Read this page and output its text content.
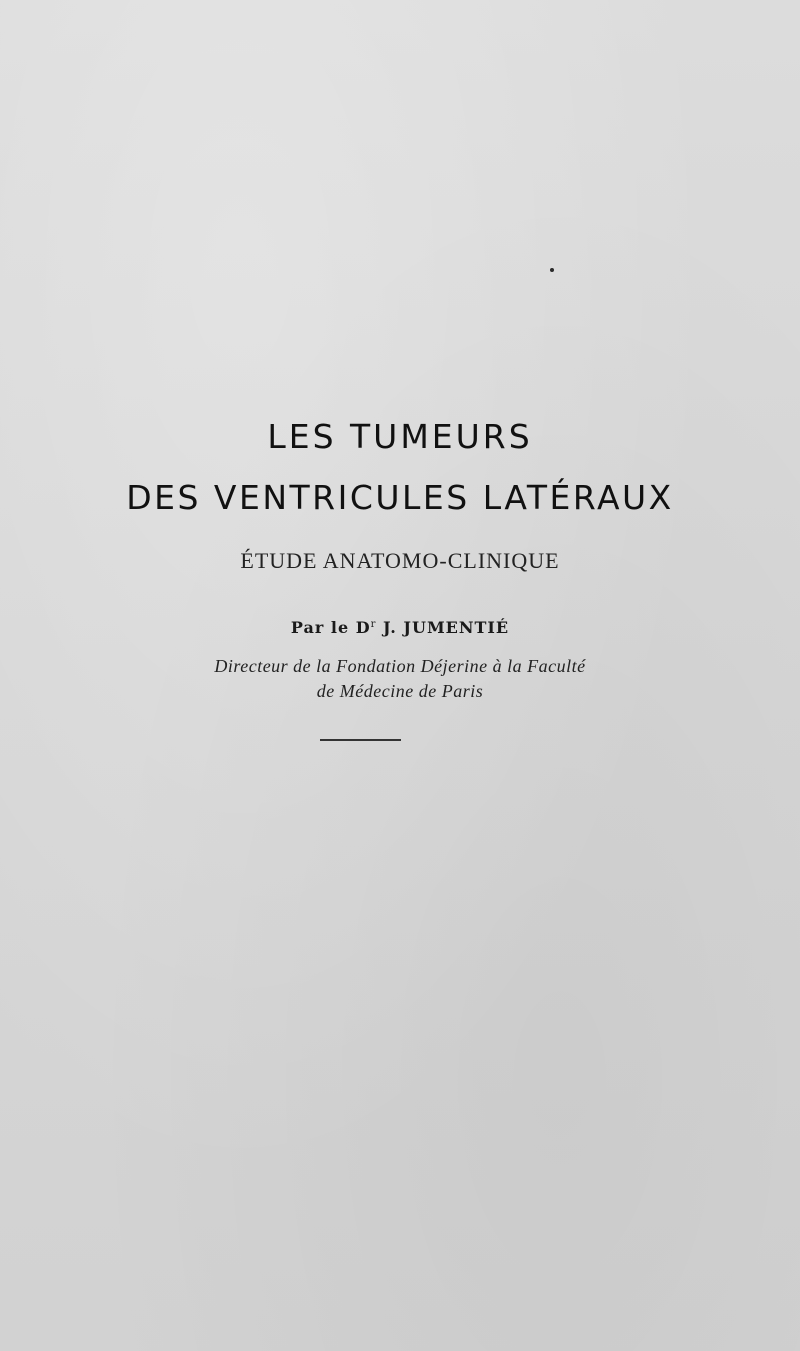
LES TUMEURS
DES VENTRICULES LATÉRAUX

ÉTUDE ANATOMO-CLINIQUE

Par le $D^r$ J. JUMENTIÉ

Directeur de la Fondation Déjerine à la Faculté

de Médecine de Paris
